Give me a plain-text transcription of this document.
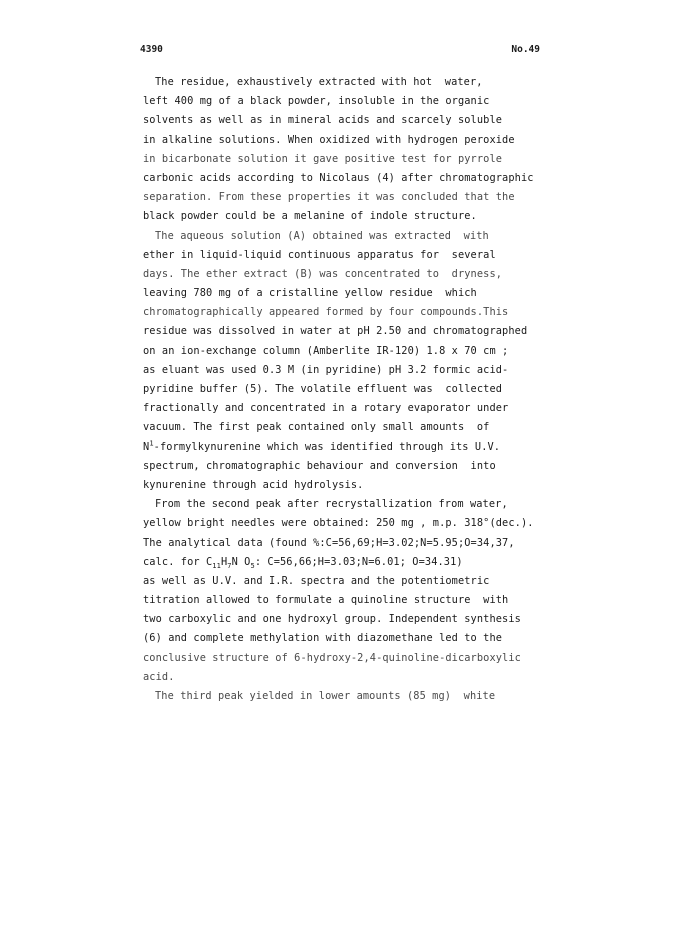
4390	No.49
The residue, exhaustively extracted with hot  water,
left 400 mg of a black powder, insoluble in the organic
solvents as well as in mineral acids and scarcely soluble
in alkaline solutions. When oxidized with hydrogen peroxide
in bicarbonate solution it gave positive test for pyrrole
carbonic acids according to Nicolaus (4) after chromatographic
separation. From these properties it was concluded that the
black powder could be a melanine of indole structure.
The aqueous solution (A) obtained was extracted  with
ether in liquid-liquid continuous apparatus for  several
days. The ether extract (B) was concentrated to  dryness,
leaving 780 mg of a cristalline yellow residue  which
chromatographically appeared formed by four compounds.This
residue was dissolved in water at pH 2.50 and chromatographed
on an ion-exchange column (Amberlite IR-120) 1.8 x 70 cm ;
as eluant was used 0.3 M (in pyridine) pH 3.2 formic acid-
pyridine buffer (5). The volatile effluent was  collected
fractionally and concentrated in a rotary evaporator under
vacuum. The first peak contained only small amounts  of
$N^1$-formylkynurenine which was identified through its U.V.
spectrum, chromatographic behaviour and conversion  into
kynurenine through acid hydrolysis.
From the second peak after recrystallization from water,
yellow bright needles were obtained: 250 mg , m.p. 318°(dec.).
The analytical data (found %:C=56,69;H=3.02;N=5.95;O=34,37,
calc. for $C_{11}H_7N$ $O_5$: C=56,66;H=3.03;N=6.01; O=34.31)
as well as U.V. and I.R. spectra and the potentiometric
titration allowed to formulate a quinoline structure  with
two carboxylic and one hydroxyl group. Independent synthesis
(6) and complete methylation with diazomethane led to the
conclusive structure of 6-hydroxy-2,4-quinoline-dicarboxylic
acid.
The third peak yielded in lower amounts (85 mg)  white
